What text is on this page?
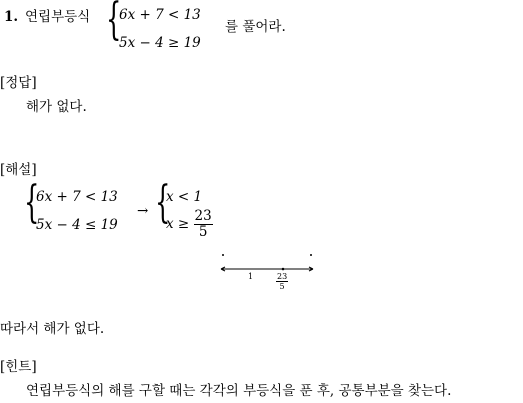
1. 연립부등식 {
6x + 7 < 13
5x − 4 ≥ 19
를 풀어라.
[정답]
해가 없다.
[해설]
{
6x + 7 < 13
5x − 4 ≤ 19
→ {
x < 1
$x \ge \frac{23}{5}$
1	$\frac{23}{5}$
따라서 해가 없다.
[힌트]
연립부등식의 해를 구할 때는 각각의 부등식을 푼 후, 공통부분을 찾는다.
